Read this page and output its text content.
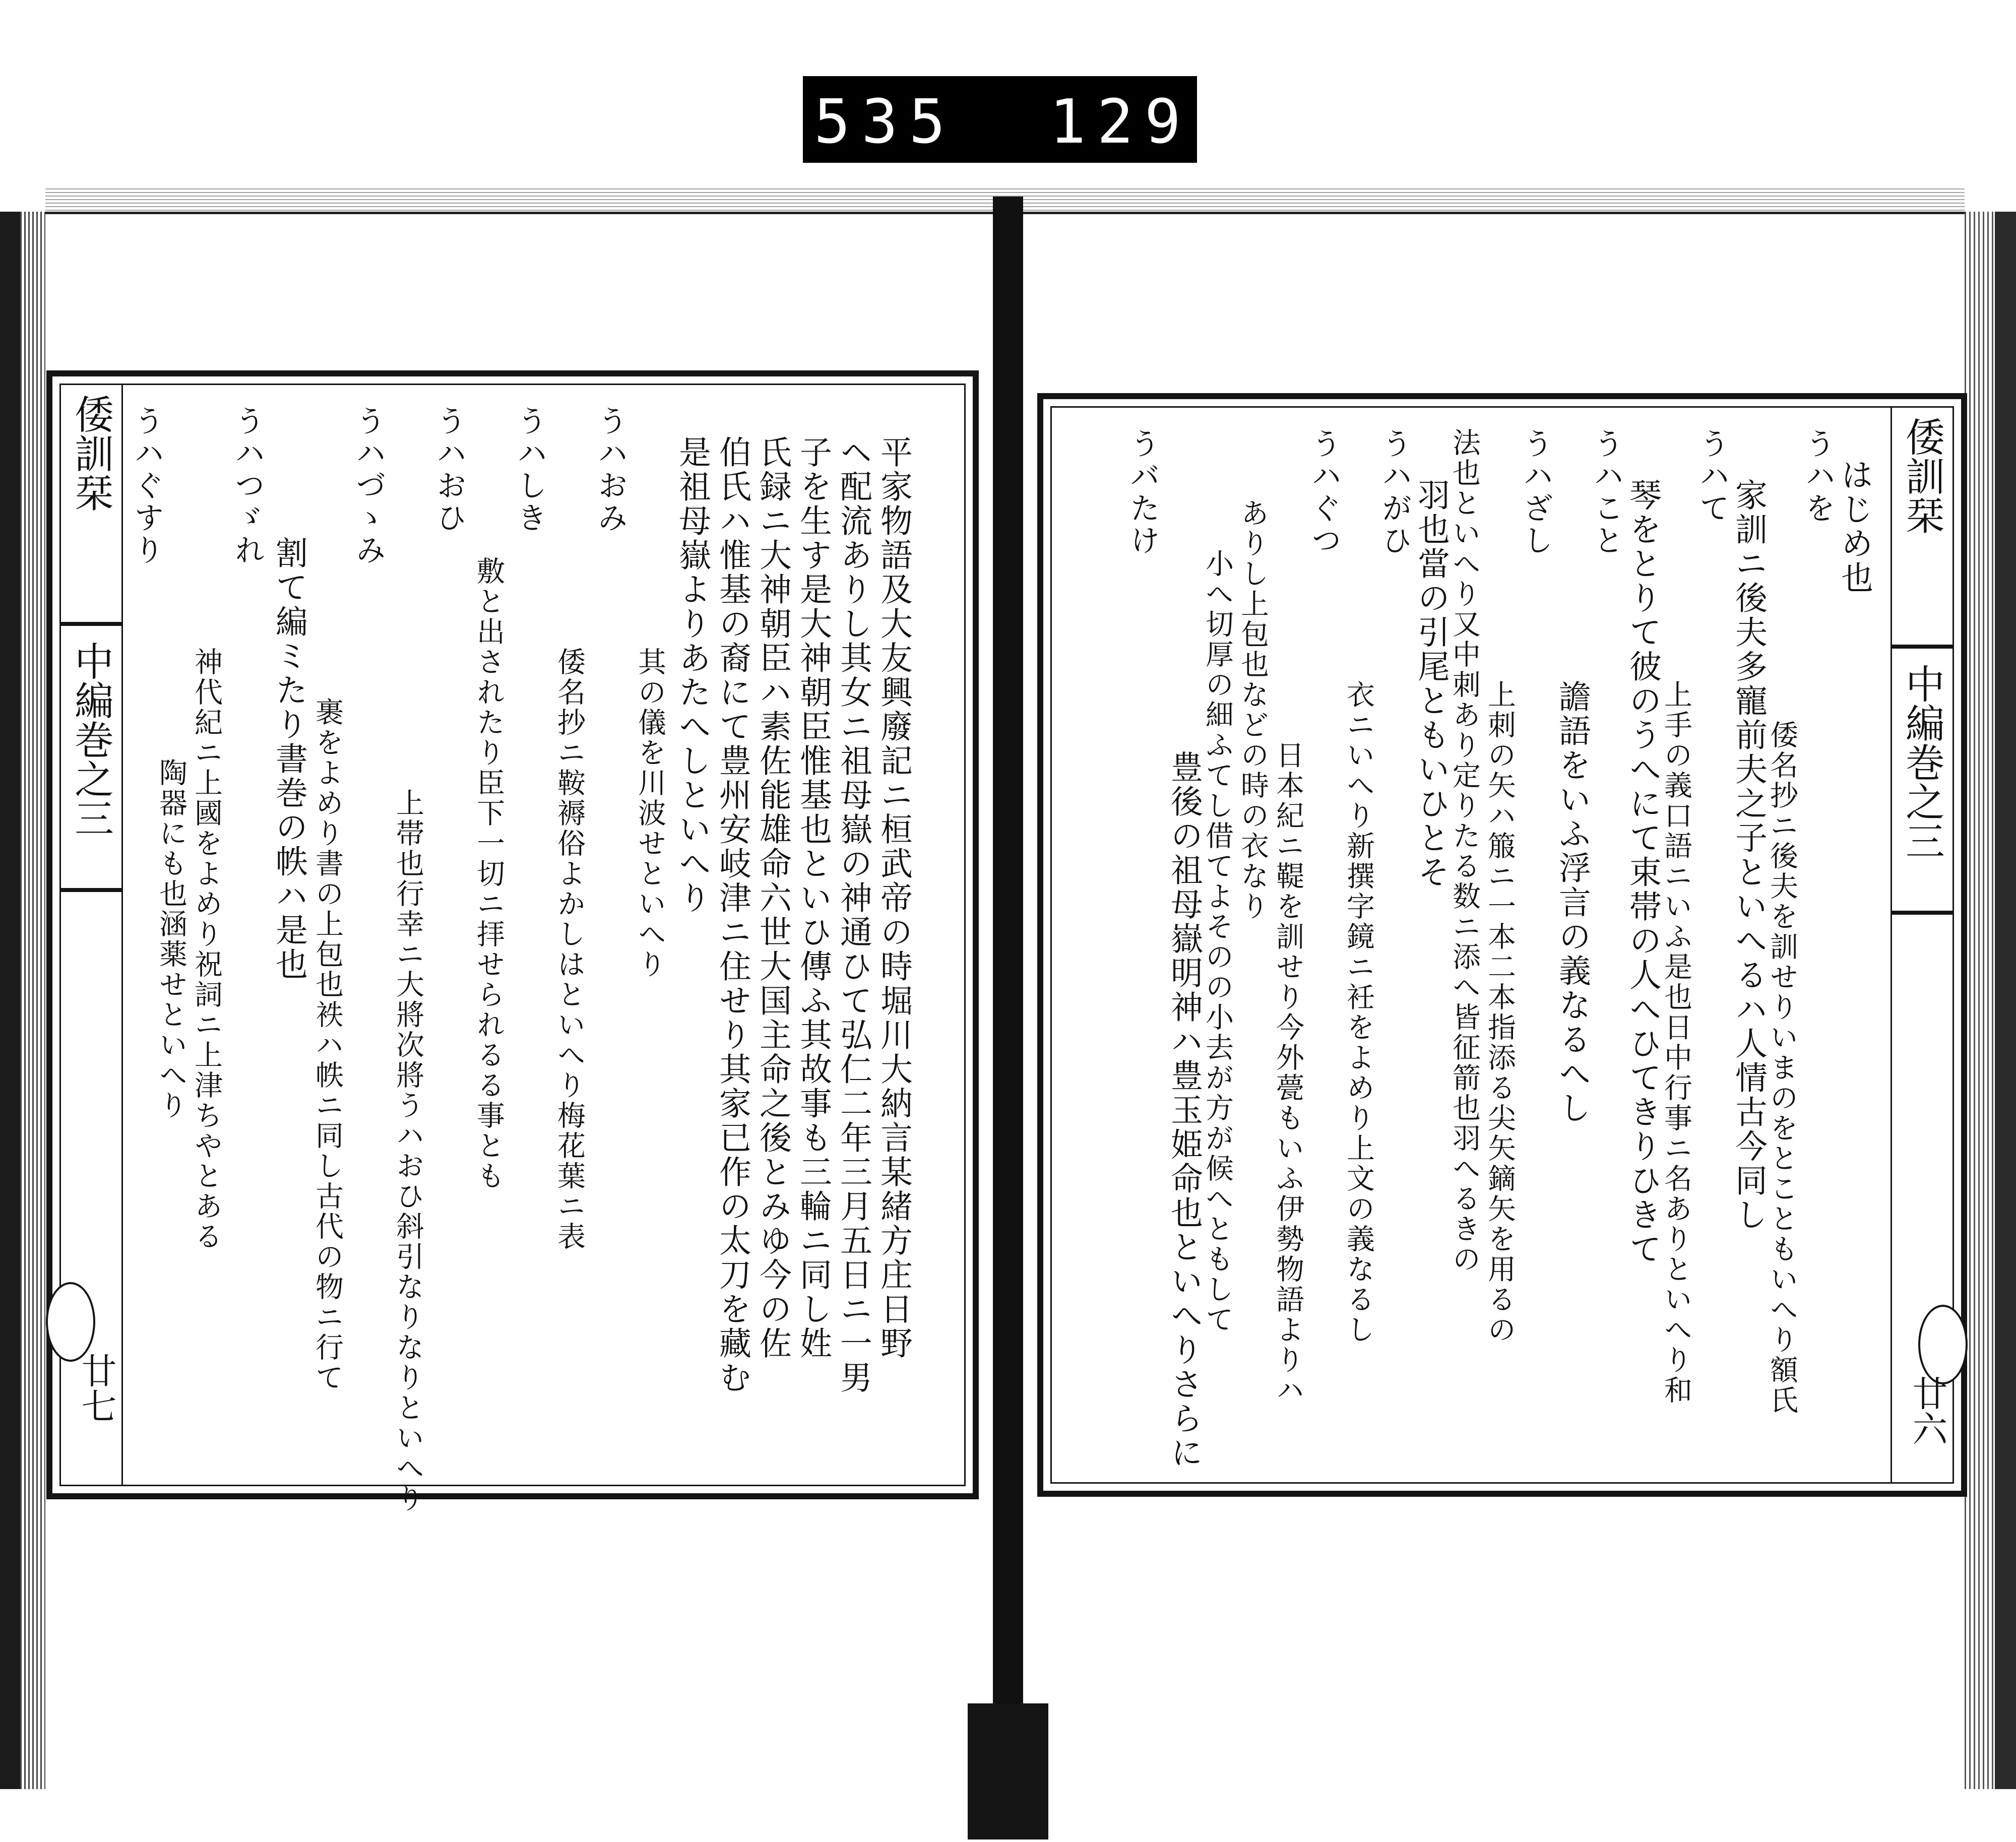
535 129
倭訓栞
中編巻之三
廿七
平家物語及大友興廢記ニ桓武帝の時堀川大納言某緒方庄日野
ヘ配流ありし其女ニ祖母嶽の神通ひて弘仁二年三月五日ニ一男
子を生す是大神朝臣惟基也といひ傳ふ其故事も三輪ニ同し姓
氏録ニ大神朝臣ハ素佐能雄命六世大国主命之後とみゆ今の佐
伯氏ハ惟基の裔にて豊州安岐津ニ住せり其家已作の太刀を藏む
是祖母嶽よりあたへしといへり
其の儀を川波せといへり
うハおみ
倭名抄ニ鞍褥俗よかしはといへり梅花葉ニ表
うハしき
敷と出されたり臣下一切ニ拝せられるる事とも
うハおひ
上帯也行幸ニ大將次將うハおひ斜引なりなりといへり
うハづゝみ
裹をよめり書の上包也袟ハ帙ニ同し古代の物ニ行て
割て編ミたり書巻の帙ハ是也
うハつゞれ
神代紀ニ上國をよめり祝詞ニ上津ちやとある
陶器にも也涵薬せといへり
うハぐすり	倭訓栞
中編巻之三
廿六
はじめ也
うハを
倭名抄ニ後夫を訓せりいまのをとこともいへり額氏
家訓ニ後夫多寵前夫之子といへるハ人情古今同し
うハて
上手の義口語ニいふ是也日中行事ニ名ありといへり和
琴をとりて彼のうへにて束帯の人へひてきりひきて
うハこと
譫語をいふ浮言の義なるへし
うハざし
上刺の矢ハ箙ニ一本二本指添る尖矢鏑矢を用るの
法也といへり又中刺あり定りたる数ニ添へ皆征箭也羽へるきの
羽也當の引尾ともいひとそ
うハがひ
衣ニいへり新撰字鏡ニ衽をよめり上文の義なるし
うハぐつ
日本紀ニ鞮を訓せり今外甍もいふ伊勢物語よりハ
ありし上包也などの時の衣なり
小へ切厚の細ふてし借てよそのの小去が方が候へともして
豊後の祖母嶽明神ハ豊玉姫命也といへりさらに
うバたけ
